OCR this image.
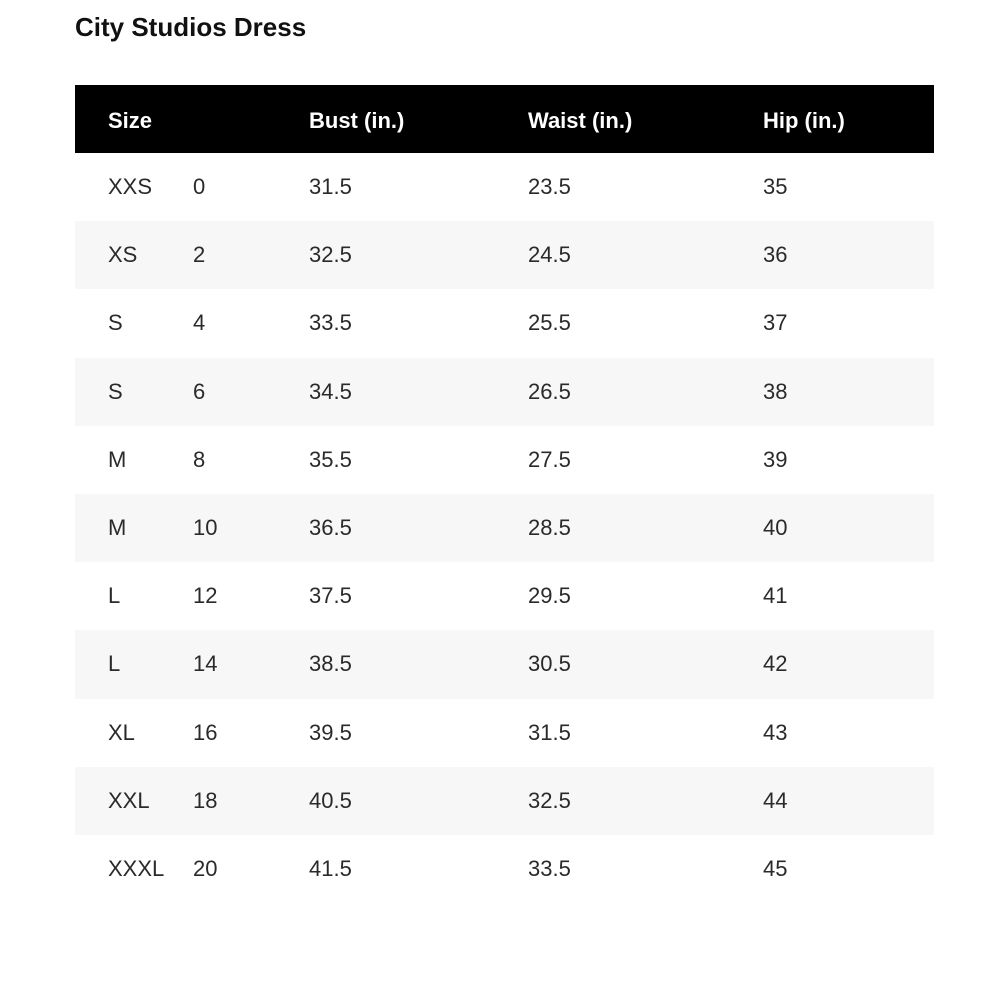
City Studios Dress
Size	Bust (in.)	Waist (in.)	Hip (in.)
XXS 0	31.5	23.5	35
XS	2	32.5	24.5	36
S	4	33.5	25.5	37
S	6	34.5	26.5	38
M	8	35.5	27.5	39
M	10	36.5	28.5	40
L	12	37.5	29.5	41
L	14	38.5	30.5	42
XL	16	39.5	31.5	43
XXL 18	40.5	32.5	44
XXXL 20	41.5	33.5	45
